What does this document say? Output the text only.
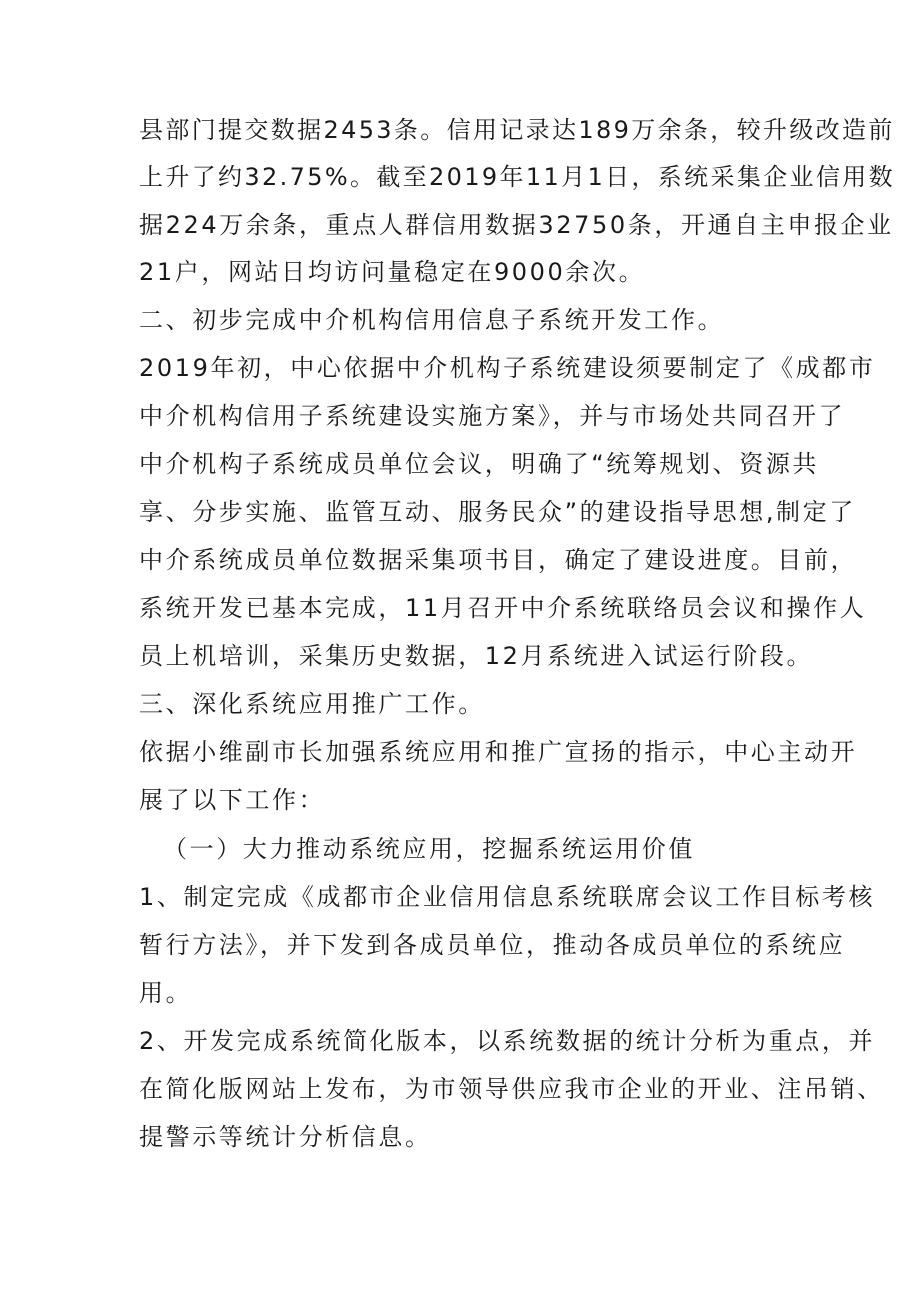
县部门提交数据2453条。信用记录达189万余条，较升级改造前

上升了约32.75%。截至2019年11月1日，系统采集企业信用数

据224万余条，重点人群信用数据32750条，开通自主申报企业

21户，网站日均访问量稳定在9000余次。

二、初步完成中介机构信用信息子系统开发工作。

2019年初，中心依据中介机构子系统建设须要制定了《成都市

中介机构信用子系统建设实施方案》，并与市场处共同召开了

中介机构子系统成员单位会议，明确了“统筹规划、资源共

享、分步实施、监管互动、服务民众”的建设指导思想,制定了

中介系统成员单位数据采集项书目，确定了建设进度。目前，

系统开发已基本完成，11月召开中介系统联络员会议和操作人

员上机培训，采集历史数据，12月系统进入试运行阶段。

三、深化系统应用推广工作。

依据小维副市长加强系统应用和推广宣扬的指示，中心主动开

展了以下工作：

（一）大力推动系统应用，挖掘系统运用价值

1、制定完成《成都市企业信用信息系统联席会议工作目标考核

暂行方法》，并下发到各成员单位，推动各成员单位的系统应

用。

2、开发完成系统简化版本，以系统数据的统计分析为重点，并

在简化版网站上发布，为市领导供应我市企业的开业、注吊销、

提警示等统计分析信息。
